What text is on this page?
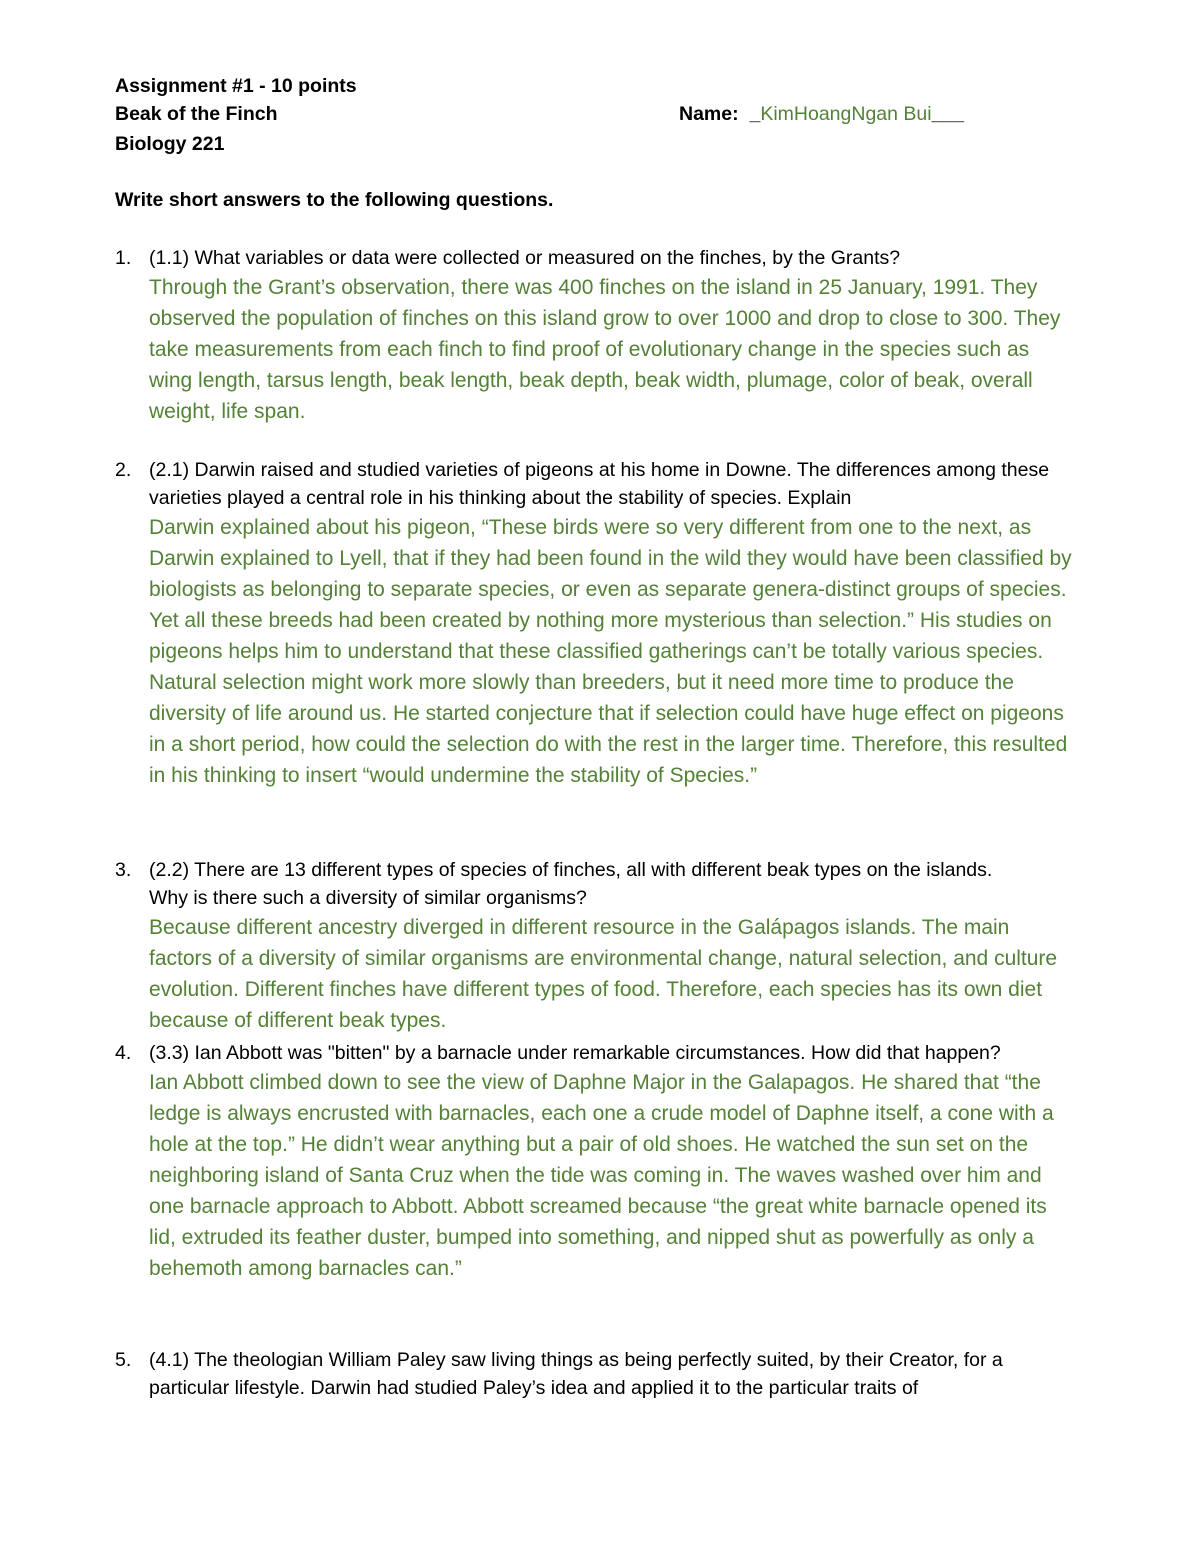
Assignment #1 - 10 points
Beak of the Finch
Biology 221
Name: _KimHoangNgan Bui___
Write short answers to the following questions.
1. (1.1) What variables or data were collected or measured on the finches, by the Grants?
Through the Grant’s observation, there was 400 finches on the island in 25 January, 1991. They observed the population of finches on this island grow to over 1000 and drop to close to 300. They take measurements from each finch to find proof of evolutionary change in the species such as wing length, tarsus length, beak length, beak depth, beak width, plumage, color of beak, overall weight, life span.
2. (2.1) Darwin raised and studied varieties of pigeons at his home in Downe. The differences among these varieties played a central role in his thinking about the stability of species. Explain
Darwin explained about his pigeon, “These birds were so very different from one to the next, as Darwin explained to Lyell, that if they had been found in the wild they would have been classified by biologists as belonging to separate species, or even as separate genera-distinct groups of species. Yet all these breeds had been created by nothing more mysterious than selection.” His studies on pigeons helps him to understand that these classified gatherings can’t be totally various species. Natural selection might work more slowly than breeders, but it need more time to produce the diversity of life around us. He started conjecture that if selection could have huge effect on pigeons in a short period, how could the selection do with the rest in the larger time. Therefore, this resulted in his thinking to insert “would undermine the stability of Species.”
3. (2.2) There are 13 different types of species of finches, all with different beak types on the islands. Why is there such a diversity of similar organisms?
Because different ancestry diverged in different resource in the Galápagos islands. The main factors of a diversity of similar organisms are environmental change, natural selection, and culture evolution. Different finches have different types of food. Therefore, each species has its own diet because of different beak types.
4. (3.3) Ian Abbott was "bitten" by a barnacle under remarkable circumstances. How did that happen?
Ian Abbott climbed down to see the view of Daphne Major in the Galapagos. He shared that “the ledge is always encrusted with barnacles, each one a crude model of Daphne itself, a cone with a hole at the top.” He didn’t wear anything but a pair of old shoes. He watched the sun set on the neighboring island of Santa Cruz when the tide was coming in. The waves washed over him and one barnacle approach to Abbott. Abbott screamed because “the great white barnacle opened its lid, extruded its feather duster, bumped into something, and nipped shut as powerfully as only a behemoth among barnacles can.”
5. (4.1) The theologian William Paley saw living things as being perfectly suited, by their Creator, for a particular lifestyle. Darwin had studied Paley’s idea and applied it to the particular traits of
